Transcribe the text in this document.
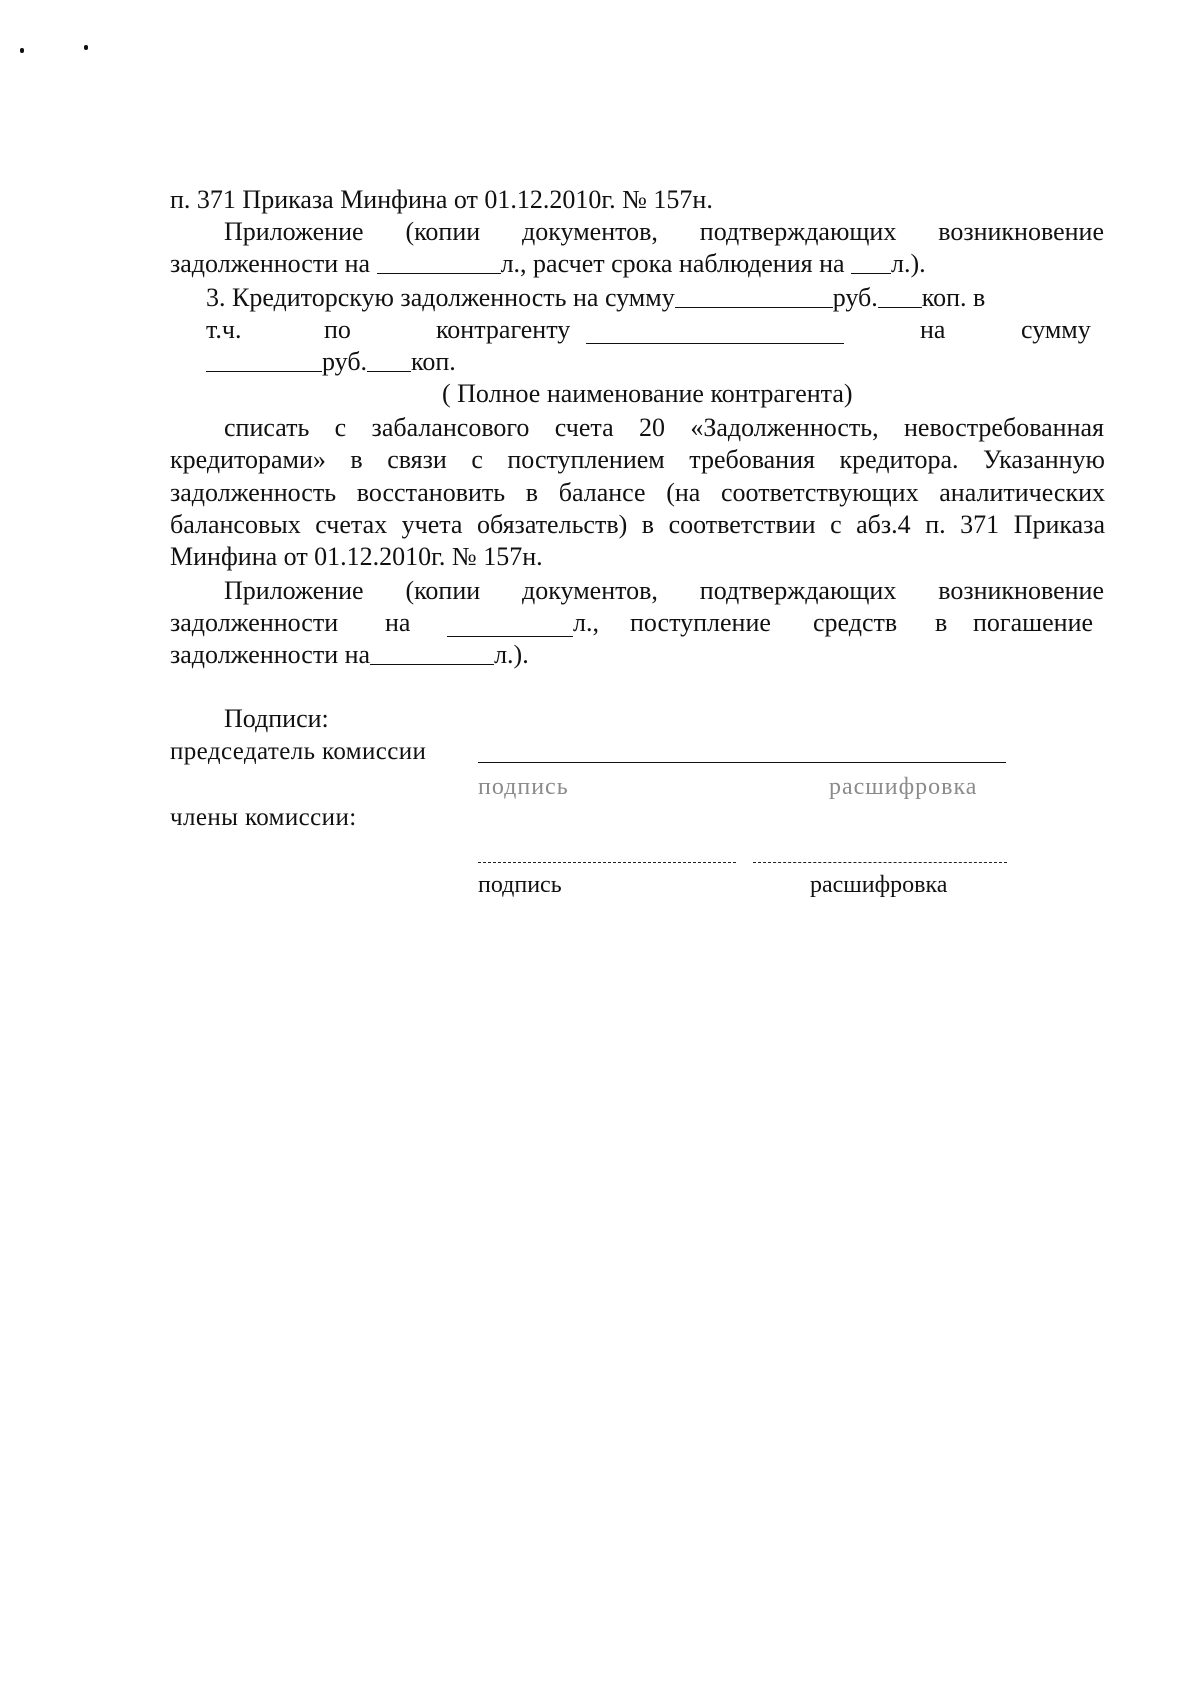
п. 371 Приказа Минфина от 01.12.2010г. № 157н.
Приложение (копии документов, подтверждающих возникновение
задолженности на	л., расчет срока наблюдения на л.).
3. Кредиторскую задолженность на сумму	руб. коп. в
т.ч.	по	контрагенту	на	сумму
руб. коп.
( Полное наименование контрагента)
списать с забалансового счета 20 «Задолженность, невостребованная
кредиторами» в связи с поступлением требования кредитора. Указанную
задолженность восстановить в балансе (на соответствующих аналитических
балансовых счетах учета обязательств) в соответствии с абз.4 п. 371 Приказа
Минфина от 01.12.2010г. № 157н.
Приложение (копии документов, подтверждающих возникновение
задолженности на	л., поступление средств в погашение
задолженности на	л.).
Подписи:
председатель комиссии
подпись	расшифровка
члены комиссии:
подпись	расшифровка
